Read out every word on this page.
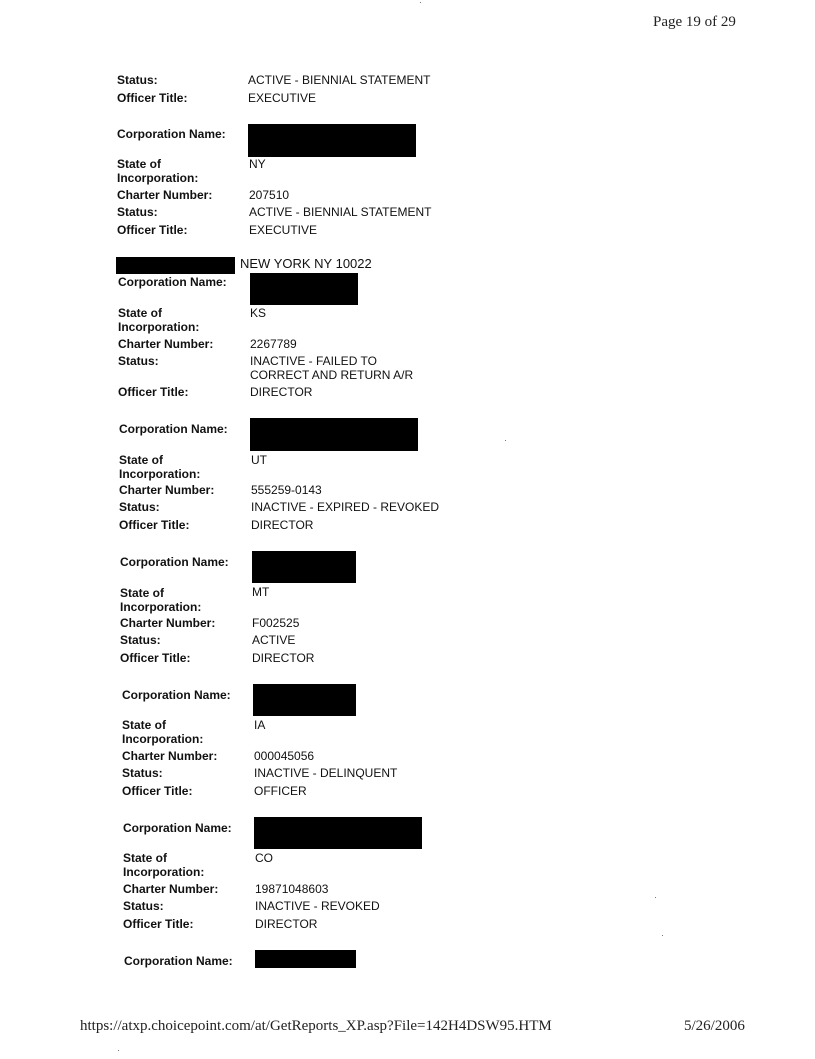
Page 19 of 29
Status:	ACTIVE - BIENNIAL STATEMENT
Officer Title:	EXECUTIVE
Corporation Name:
State of
Incorporation:
NY
Charter Number:	207510
Status:	ACTIVE - BIENNIAL STATEMENT
Officer Title:	EXECUTIVE
NEW YORK NY 10022
Corporation Name:
State of
Incorporation:
KS
Charter Number:	2267789
Status:	INACTIVE - FAILED TO
CORRECT AND RETURN A/R
Officer Title:	DIRECTOR
Corporation Name:
State of
Incorporation:
UT
Charter Number:	555259-0143
Status:	INACTIVE - EXPIRED - REVOKED
Officer Title:	DIRECTOR
Corporation Name:
State of
Incorporation:
MT
Charter Number:	F002525
Status:	ACTIVE
Officer Title:	DIRECTOR
Corporation Name:
State of
Incorporation:
IA
Charter Number:	000045056
Status:	INACTIVE - DELINQUENT
Officer Title:	OFFICER
Corporation Name:
State of
Incorporation:
CO
Charter Number:	19871048603
Status:	INACTIVE - REVOKED
Officer Title:	DIRECTOR
Corporation Name:
https://atxp.choicepoint.com/at/GetReports_XP.asp?File=142H4DSW95.HTM	5/26/2006
